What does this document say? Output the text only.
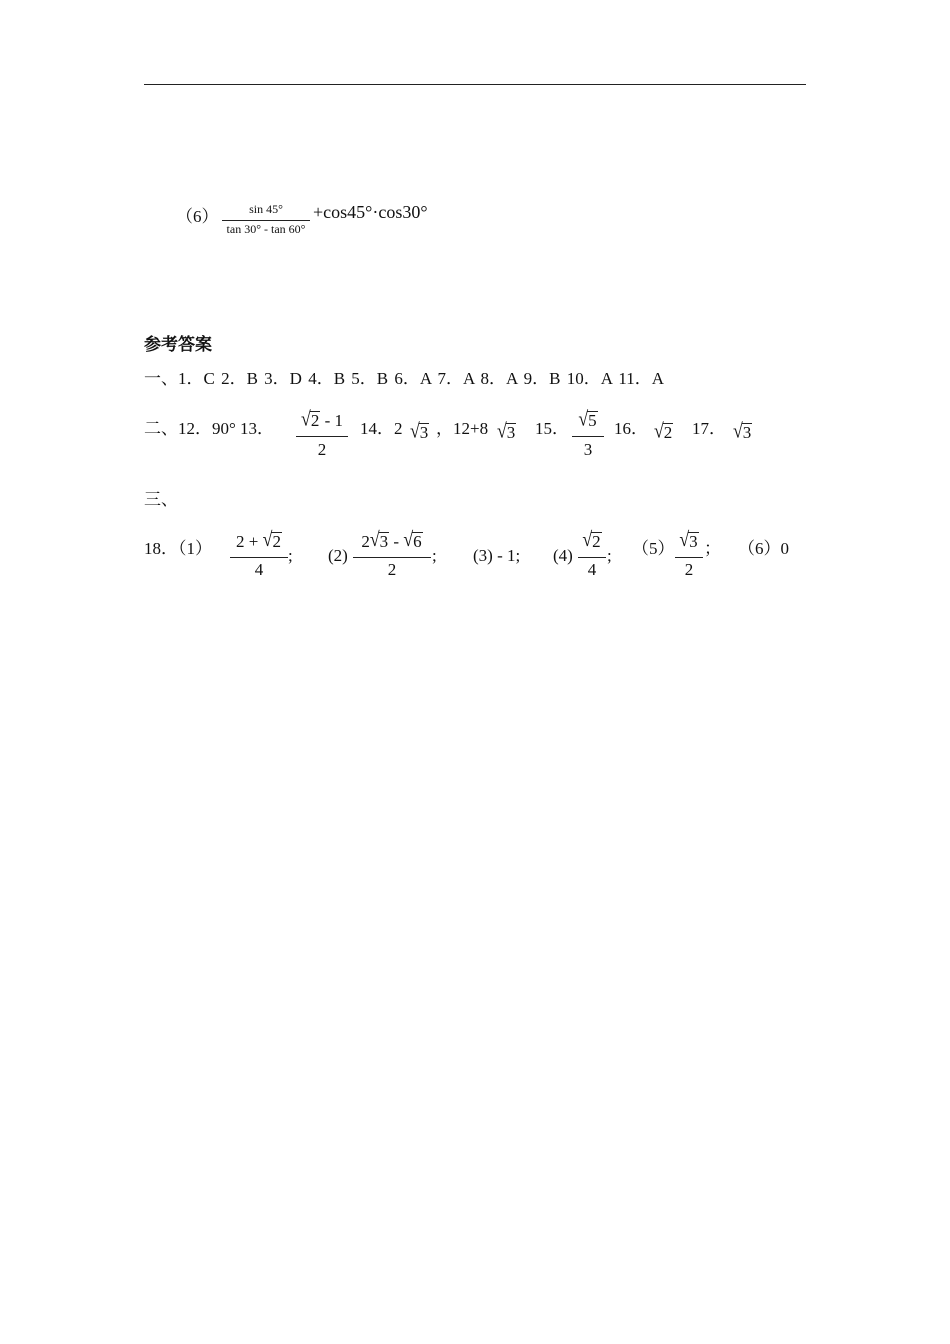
（6）	sin 45°
tan 30° - tan 60°
+cos45°·cos30°
参考答案
一、1．C 2．B 3．D 4．B 5．B 6．A 7．A 8．A 9．B 10．A 11．A
二、12．90° 13． √2 - 1
2
14．2 √3 ，12+8 √3 15． √5
3
16． √2 17． √3
三、
18．（1）	2 + √2
4
; (2)
2√3 - √6
2
; (3) - 1; (4)
√2
4
; （5） √3
2
； （6）0
